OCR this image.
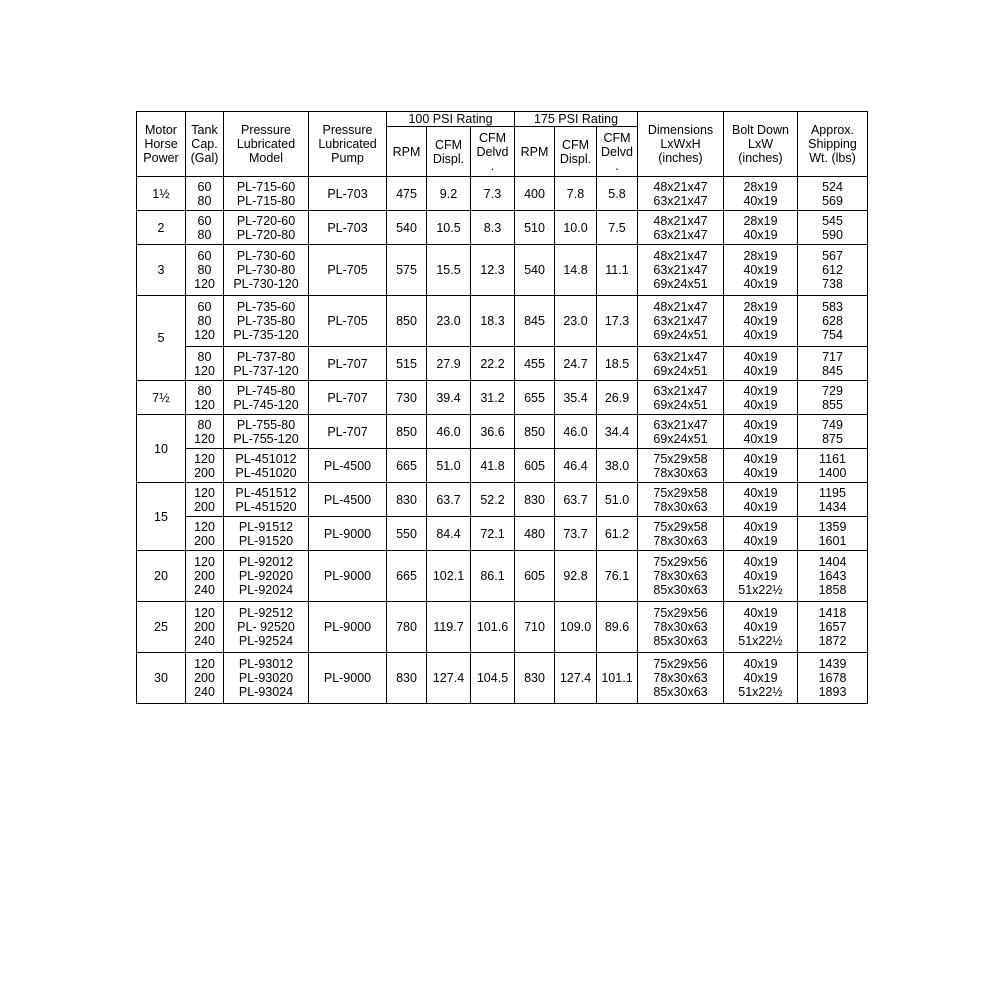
Motor
Horse
Power	Tank
Cap.
(Gal)	Pressure
Lubricated
Model	Pressure
Lubricated
Pump	100 PSI Rating			175 PSI Rating			Dimensions
LxWxH
(inches)	Bolt Down
LxW
(inches)	Approx.
Shipping
Wt. (lbs)
				RPM	CFM
Displ.	CFM
Delvd
.	RPM	CFM
Displ.	CFM
Delvd
.			
1½	60
80	PL-715-60
PL-715-80	PL-703	475	9.2	7.3	400	7.8	5.8	48x21x47
63x21x47	28x19
40x19	524
569
2	60
80	PL-720-60
PL-720-80	PL-703	540	10.5	8.3	510	10.0	7.5	48x21x47
63x21x47	28x19
40x19	545
590
3	60
80
120	PL-730-60
PL-730-80
PL-730-120	PL-705	575	15.5	12.3	540	14.8	11.1	48x21x47
63x21x47
69x24x51	28x19
40x19
40x19	567
612
738
5	60
80
120	PL-735-60
PL-735-80
PL-735-120	PL-705	850	23.0	18.3	845	23.0	17.3	48x21x47
63x21x47
69x24x51	28x19
40x19
40x19	583
628
754
	80
120	PL-737-80
PL-737-120	PL-707	515	27.9	22.2	455	24.7	18.5	63x21x47
69x24x51	40x19
40x19	717
845
7½	80
120	PL-745-80
PL-745-120	PL-707	730	39.4	31.2	655	35.4	26.9	63x21x47
69x24x51	40x19
40x19	729
855
10	80
120	PL-755-80
PL-755-120	PL-707	850	46.0	36.6	850	46.0	34.4	63x21x47
69x24x51	40x19
40x19	749
875
	120
200	PL-451012
PL-451020	PL-4500	665	51.0	41.8	605	46.4	38.0	75x29x58
78x30x63	40x19
40x19	1161
1400
15	120
200	PL-451512
PL-451520	PL-4500	830	63.7	52.2	830	63.7	51.0	75x29x58
78x30x63	40x19
40x19	1195
1434
	120
200	PL-91512
PL-91520	PL-9000	550	84.4	72.1	480	73.7	61.2	75x29x58
78x30x63	40x19
40x19	1359
1601
20	120
200
240	PL-92012
PL-92020
PL-92024	PL-9000	665	102.1	86.1	605	92.8	76.1	75x29x56
78x30x63
85x30x63	40x19
40x19
51x22½	1404
1643
1858
25	120
200
240	PL-92512
PL- 92520
PL-92524	PL-9000	780	119.7	101.6	710	109.0	89.6	75x29x56
78x30x63
85x30x63	40x19
40x19
51x22½	1418
1657
1872
30	120
200
240	PL-93012
PL-93020
PL-93024	PL-9000	830	127.4	104.5	830	127.4	101.1	75x29x56
78x30x63
85x30x63	40x19
40x19
51x22½	1439
1678
1893
